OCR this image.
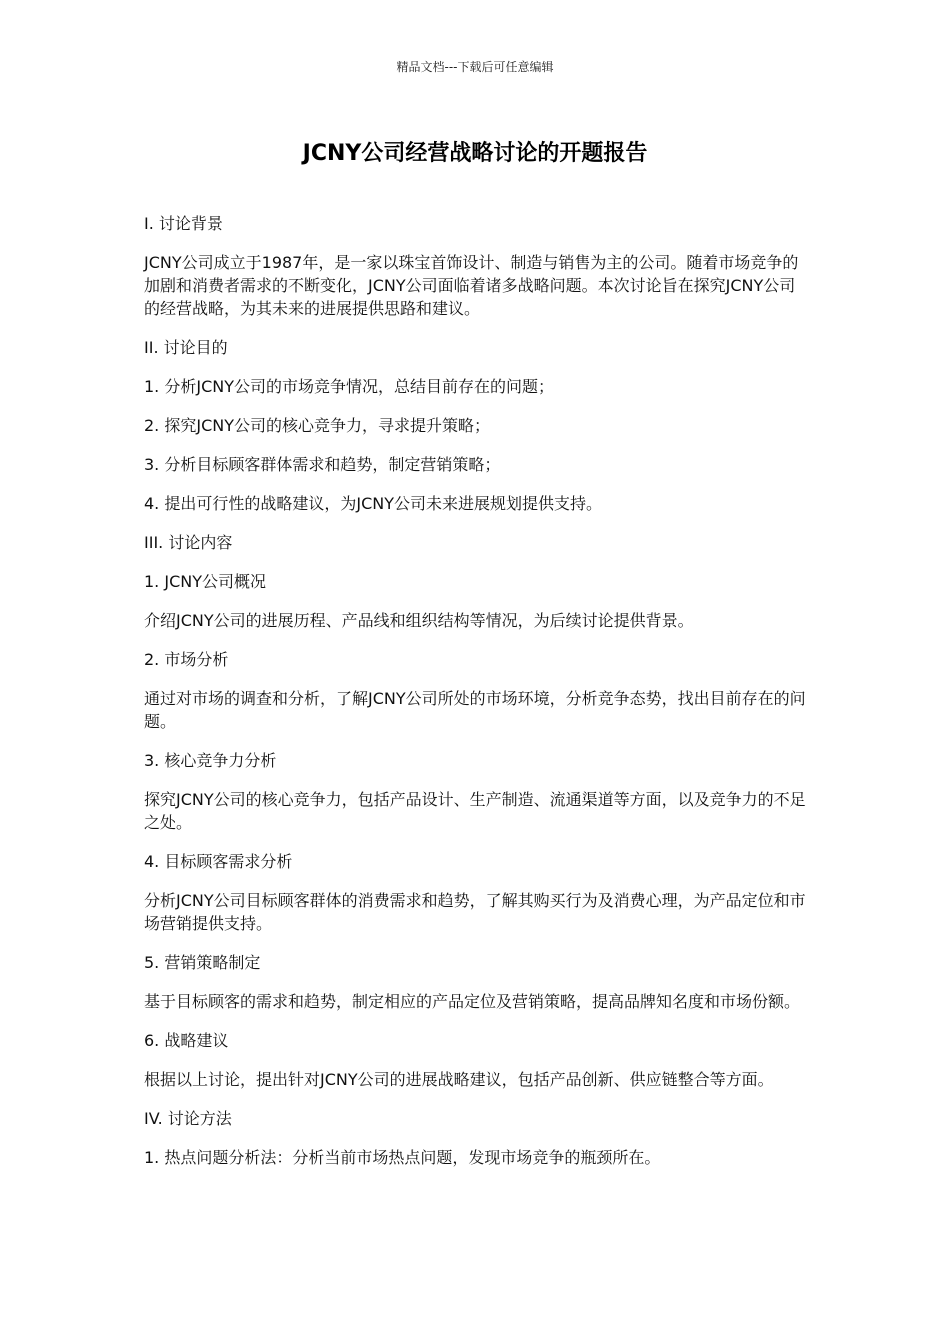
精品文档---下载后可任意编辑
JCNY公司经营战略讨论的开题报告

I. 讨论背景

JCNY公司成立于1987年，是一家以珠宝首饰设计、制造与销售为主的公司。随着市场竞争的加剧和消费者需求的不断变化，JCNY公司面临着诸多战略问题。本次讨论旨在探究JCNY公司的经营战略，为其未来的进展提供思路和建议。

II. 讨论目的

1. 分析JCNY公司的市场竞争情况，总结目前存在的问题；

2. 探究JCNY公司的核心竞争力，寻求提升策略；

3. 分析目标顾客群体需求和趋势，制定营销策略；

4. 提出可行性的战略建议，为JCNY公司未来进展规划提供支持。

III. 讨论内容

1. JCNY公司概况

介绍JCNY公司的进展历程、产品线和组织结构等情况，为后续讨论提供背景。

2. 市场分析

通过对市场的调查和分析，了解JCNY公司所处的市场环境，分析竞争态势，找出目前存在的问题。

3. 核心竞争力分析

探究JCNY公司的核心竞争力，包括产品设计、生产制造、流通渠道等方面，以及竞争力的不足之处。

4. 目标顾客需求分析

分析JCNY公司目标顾客群体的消费需求和趋势，了解其购买行为及消费心理，为产品定位和市场营销提供支持。

5. 营销策略制定

基于目标顾客的需求和趋势，制定相应的产品定位及营销策略，提高品牌知名度和市场份额。

6. 战略建议

根据以上讨论，提出针对JCNY公司的进展战略建议，包括产品创新、供应链整合等方面。

IV. 讨论方法

1. 热点问题分析法：分析当前市场热点问题，发现市场竞争的瓶颈所在。
